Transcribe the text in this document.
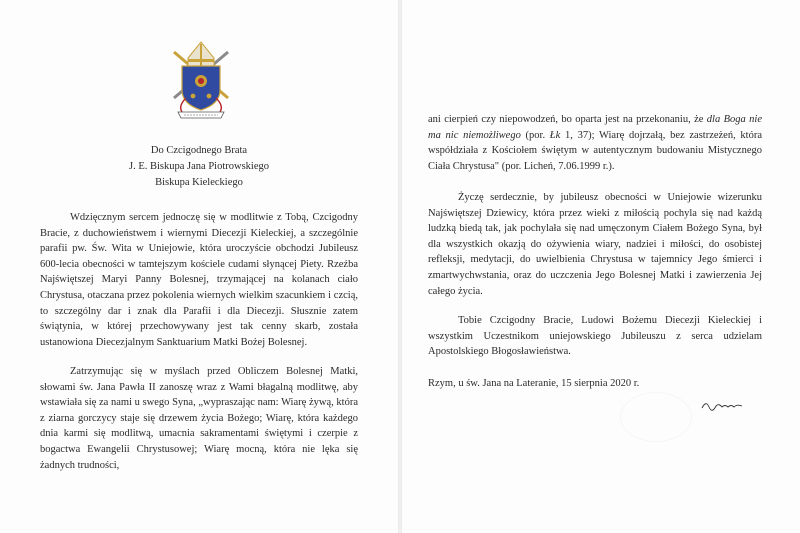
Do Czcigodnego Brata
J. E. Biskupa Jana Piotrowskiego
Biskupa Kieleckiego

Wdzięcznym sercem jednoczę się w modlitwie z Tobą, Czcigodny Bracie, z duchowieństwem i wiernymi Diecezji Kieleckiej, a szczególnie parafii pw. Św. Wita w Uniejowie, która uroczyście obchodzi Jubileusz 600-lecia obecności w tamtejszym kościele cudami słynącej Piety. Rzeźba Najświętszej Maryi Panny Bolesnej, trzymającej na kolanach ciało Chrystusa, otaczana przez pokolenia wiernych wielkim szacunkiem i czcią, to szczególny dar i znak dla Parafii i dla Diecezji. Słusznie zatem świątynia, w której przechowywany jest tak cenny skarb, została ustanowiona Diecezjalnym Sanktuarium Matki Bożej Bolesnej.

Zatrzymując się w myślach przed Obliczem Bolesnej Matki, słowami św. Jana Pawła II zanoszę wraz z Wami błagalną modlitwę, aby wstawiała się za nami u swego Syna, „wypraszając nam: Wiarę żywą, która z ziarna gorczycy staje się drzewem życia Bożego; Wiarę, która każdego dnia karmi się modlitwą, umacnia sakramentami świętymi i czerpie z bogactwa Ewangelii Chrystusowej; Wiarę mocną, która nie lęka się żadnych trudności,

ani cierpień czy niepowodzeń, bo oparta jest na przekonaniu, że dla Boga nie ma nic niemożliwego (por. Łk 1, 37); Wiarę dojrzałą, bez zastrzeżeń, która współdziała z Kościołem świętym w autentycznym budowaniu Mistycznego Ciała Chrystusa" (por. Licheń, 7.06.1999 r.).

Życzę serdecznie, by jubileusz obecności w Uniejowie wizerunku Najświętszej Dziewicy, która przez wieki z miłością pochyla się nad każdą ludzką biedą tak, jak pochylała się nad umęczonym Ciałem Bożego Syna, był dla wszystkich okazją do ożywienia wiary, nadziei i miłości, do osobistej refleksji, medytacji, do uwielbienia Chrystusa w tajemnicy Jego śmierci i zmartwychwstania, oraz do uczczenia Jego Bolesnej Matki i zawierzenia Jej całego życia.

Tobie Czcigodny Bracie, Ludowi Bożemu Diecezji Kieleckiej i wszystkim Uczestnikom uniejowskiego Jubileuszu z serca udzielam Apostolskiego Błogosławieństwa.

Rzym, u św. Jana na Lateranie, 15 sierpnia 2020 r.
